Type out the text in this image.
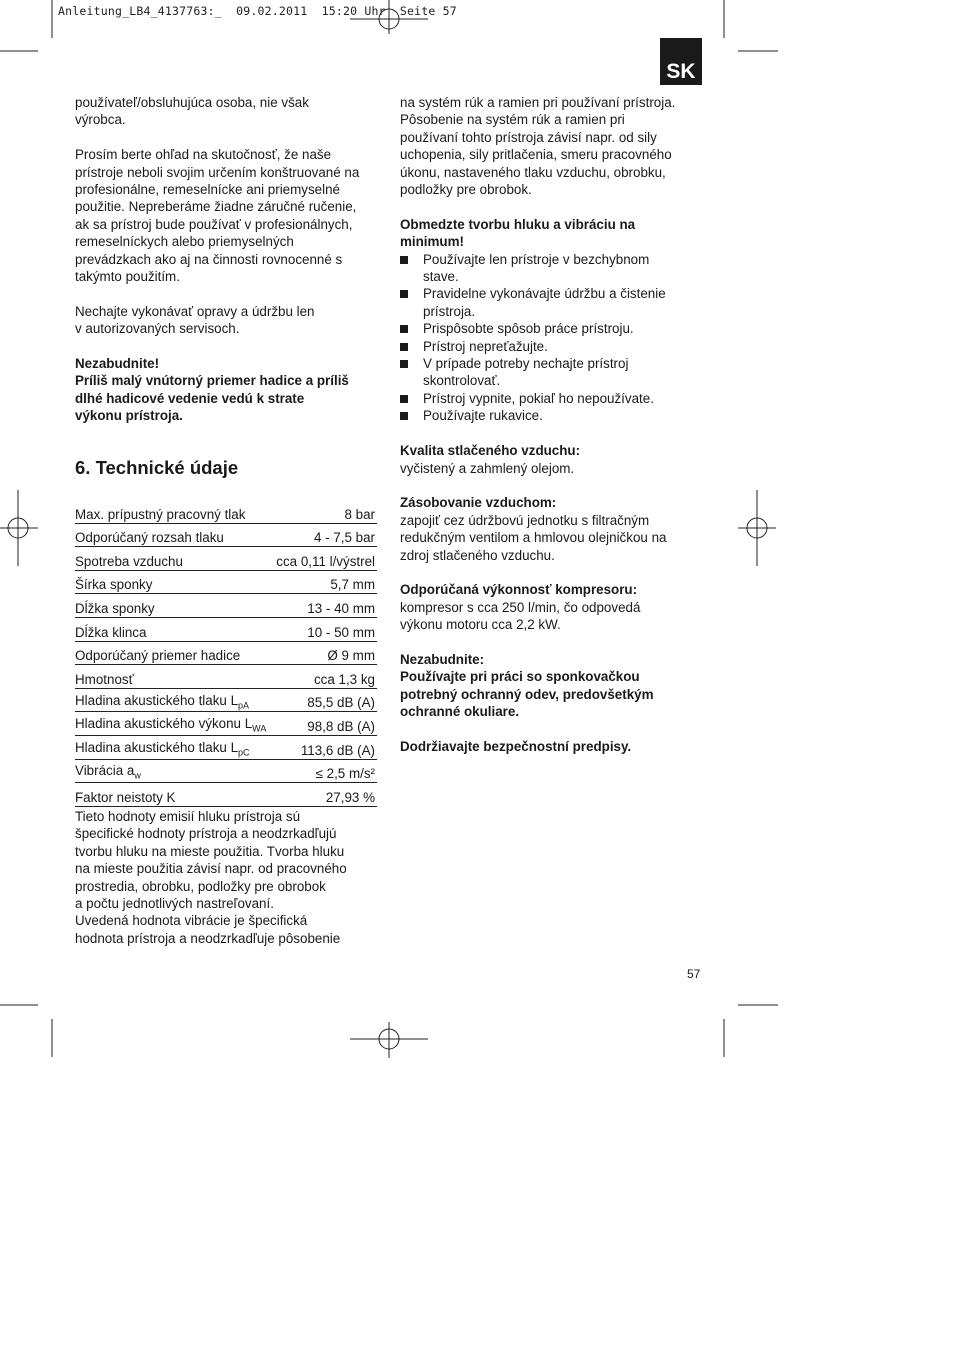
Anleitung_LB4_4137763:_  09.02.2011  15:20 Uhr  Seite 57
SK

používateľ/obsluhujúca osoba, nie však

výrobca.

Prosím berte ohľad na skutočnosť, že naše

prístroje neboli svojim určením konštruované na

profesionálne, remeselnícke ani priemyselné

použitie. Nepreberáme žiadne záručné ručenie,

ak sa prístroj bude používať v profesionálnych,

remeselníckych alebo priemyselných

prevádzkach ako aj na činnosti rovnocenné s

takýmto použitím.

Nechajte vykonávať opravy a údržbu len

v autorizovaných servisoch.

Nezabudnite!

Príliš malý vnútorný priemer hadice a príliš

dlhé hadicové vedenie vedú k strate

výkonu prístroja.

6. Technické údaje
Max. prípustný pracovný tlak	8 bar
Odporúčaný rozsah tlaku	4 - 7,5 bar
Spotreba vzduchu	cca 0,11 l/výstrel
Šírka sponky	5,7 mm
Dĺžka sponky	13 - 40 mm
Dĺžka klinca	10 - 50 mm
Odporúčaný priemer hadice	Ø 9 mm
Hmotnosť	cca 1,3 kg
Hladina akustického tlaku $L_{pA}$	85,5 dB (A)
Hladina akustického výkonu $L_{WA}$	98,8 dB (A)
Hladina akustického tlaku $L_{pC}$	113,6 dB (A)
Vibrácia $a_w$	≤ 2,5 m/s²
Faktor neistoty K	27,93 %

Tieto hodnoty emisií hluku prístroja sú

špecifické hodnoty prístroja a neodzrkadľujú

tvorbu hluku na mieste použitia. Tvorba hluku

na mieste použitia závisí napr. od pracovného

prostredia, obrobku, podložky pre obrobok

a počtu jednotlivých nastreľovaní.

Uvedená hodnota vibrácie je špecifická

hodnota prístroja a neodzrkadľuje pôsobenie

na systém rúk a ramien pri používaní prístroja.

Pôsobenie na systém rúk a ramien pri

používaní tohto prístroja závisí napr. od sily

uchopenia, sily pritlačenia, smeru pracovného

úkonu, nastaveného tlaku vzduchu, obrobku,

podložky pre obrobok.

Obmedzte tvorbu hluku a vibráciu na

minimum!

Používajte len prístroje v bezchybnom
stave.
Pravidelne vykonávajte údržbu a čistenie
prístroja.
Prispôsobte spôsob práce prístroju.
Prístroj nepreťažujte.
V prípade potreby nechajte prístroj
skontrolovať.
Prístroj vypnite, pokiaľ ho nepoužívate.
Používajte rukavice.

Kvalita stlačeného vzduchu:

vyčistený a zahmlený olejom.

Zásobovanie vzduchom:

zapojiť cez údržbovú jednotku s filtračným

redukčným ventilom a hmlovou olejničkou na

zdroj stlačeného vzduchu.

Odporúčaná výkonnosť kompresoru:

kompresor s cca 250 l/min, čo odpovedá

výkonu motoru cca 2,2 kW.

Nezabudnite:

Používajte pri práci so sponkovačkou

potrebný ochranný odev, predovšetkým

ochranné okuliare.

Dodržiavajte bezpečnostní predpisy.

57
